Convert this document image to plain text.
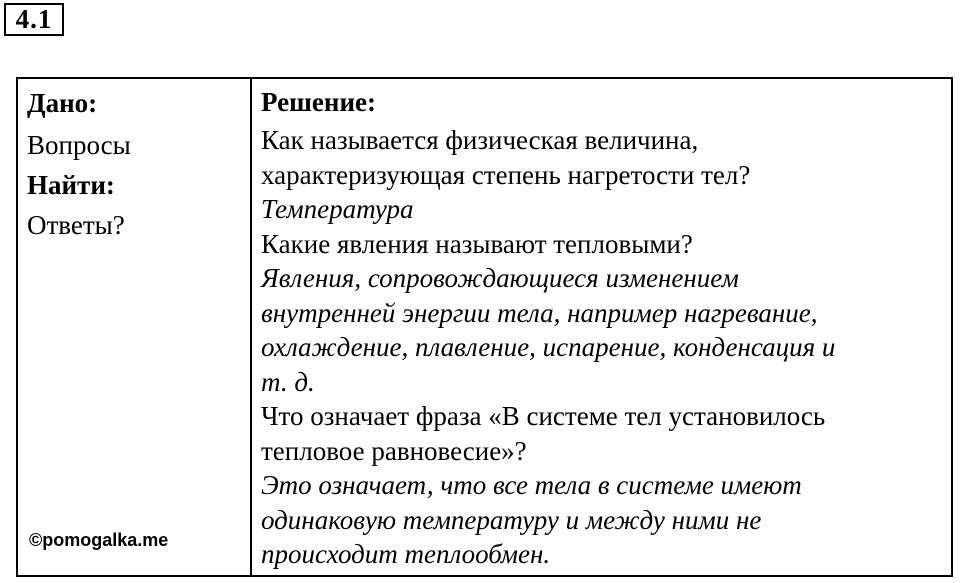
4.1
Дано:
Вопросы
Найти:
Ответы?
Решение:
Как называется физическая величина,
характеризующая степень нагретости тел?
Температура
Какие явления называют тепловыми?
Явления, сопровождающиеся изменением
внутренней энергии тела, например нагревание,
охлаждение, плавление, испарение, конденсация и
т. д.
Что означает фраза «В системе тел установилось
тепловое равновесие»?
Это означает, что все тела в системе имеют
одинаковую температуру и между ними не
происходит теплообмен.
©pomogalka.me
